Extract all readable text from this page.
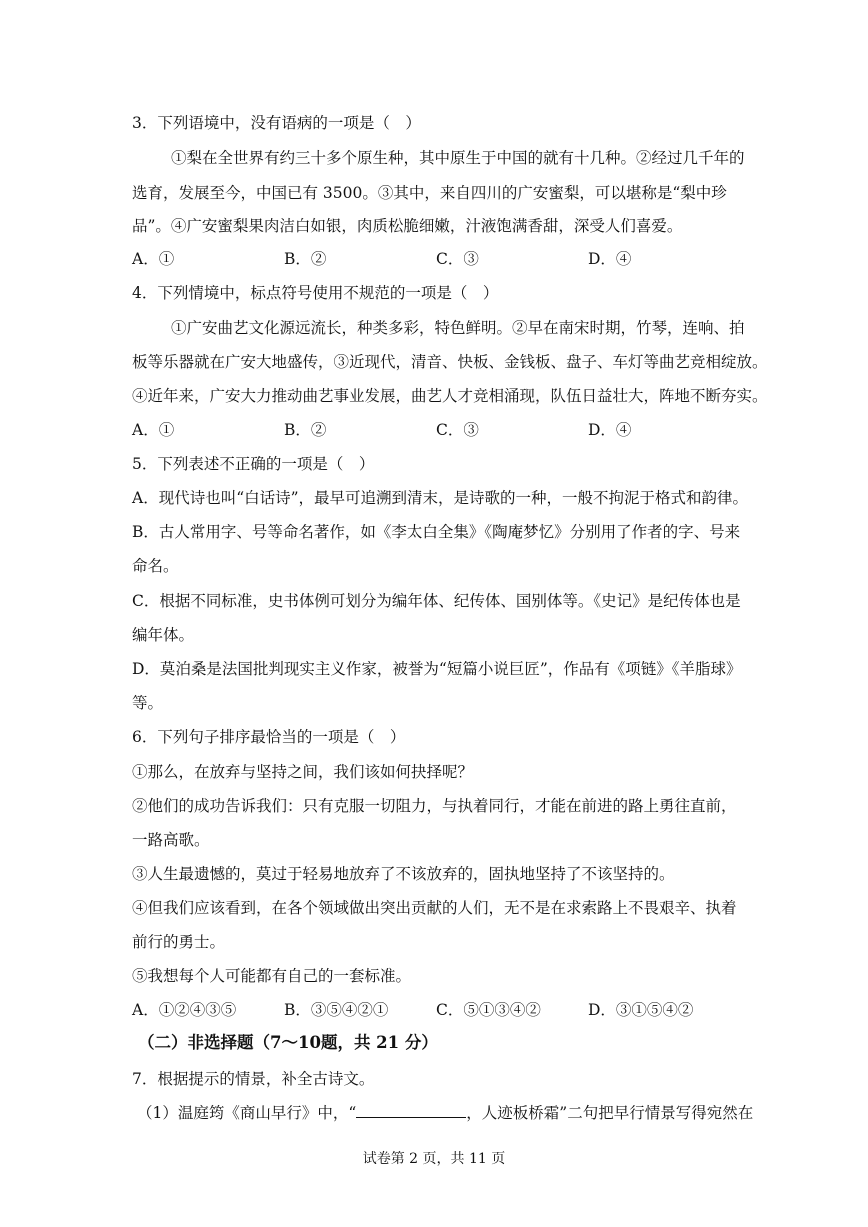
3．下列语境中，没有语病的一项是（　）
①梨在全世界有约三十多个原生种，其中原生于中国的就有十几种。②经过几千年的
选育，发展至今，中国已有 3500。③其中，来自四川的广安蜜梨，可以堪称是“梨中珍
品”。④广安蜜梨果肉洁白如银，肉质松脆细嫩，汁液饱满香甜，深受人们喜爱。
A．①	B．②	C．③	D．④
4．下列情境中，标点符号使用不规范的一项是（　）
①广安曲艺文化源远流长，种类多彩，特色鲜明。②早在南宋时期，竹琴，连响、拍
板等乐器就在广安大地盛传，③近现代，清音、快板、金钱板、盘子、车灯等曲艺竞相绽放。
④近年来，广安大力推动曲艺事业发展，曲艺人才竞相涌现，队伍日益壮大，阵地不断夯实。
A．①	B．②	C．③	D．④
5．下列表述不正确的一项是（　）
A．现代诗也叫“白话诗”，最早可追溯到清末，是诗歌的一种，一般不拘泥于格式和韵律。
B．古人常用字、号等命名著作，如《李太白全集》《陶庵梦忆》分别用了作者的字、号来
命名。
C．根据不同标准，史书体例可划分为编年体、纪传体、国别体等。《史记》是纪传体也是
编年体。
D．莫泊桑是法国批判现实主义作家，被誉为“短篇小说巨匠”，作品有《项链》《羊脂球》
等。
6．下列句子排序最恰当的一项是（　）
①那么，在放弃与坚持之间，我们该如何抉择呢？
②他们的成功告诉我们：只有克服一切阻力，与执着同行，才能在前进的路上勇往直前，
一路高歌。
③人生最遗憾的，莫过于轻易地放弃了不该放弃的，固执地坚持了不该坚持的。
④但我们应该看到，在各个领域做出突出贡献的人们，无不是在求索路上不畏艰辛、执着
前行的勇士。
⑤我想每个人可能都有自己的一套标准。
A．①②④③⑤	B．③⑤④②①	C．⑤①③④②	D．③①⑤④②
（二）非选择题（7～10题，共 21 分）
7．根据提示的情景，补全古诗文。
（1）温庭筠《商山早行》中，“	，人迹板桥霜”二句把早行情景写得宛然在
试卷第 2 页，共 11 页
